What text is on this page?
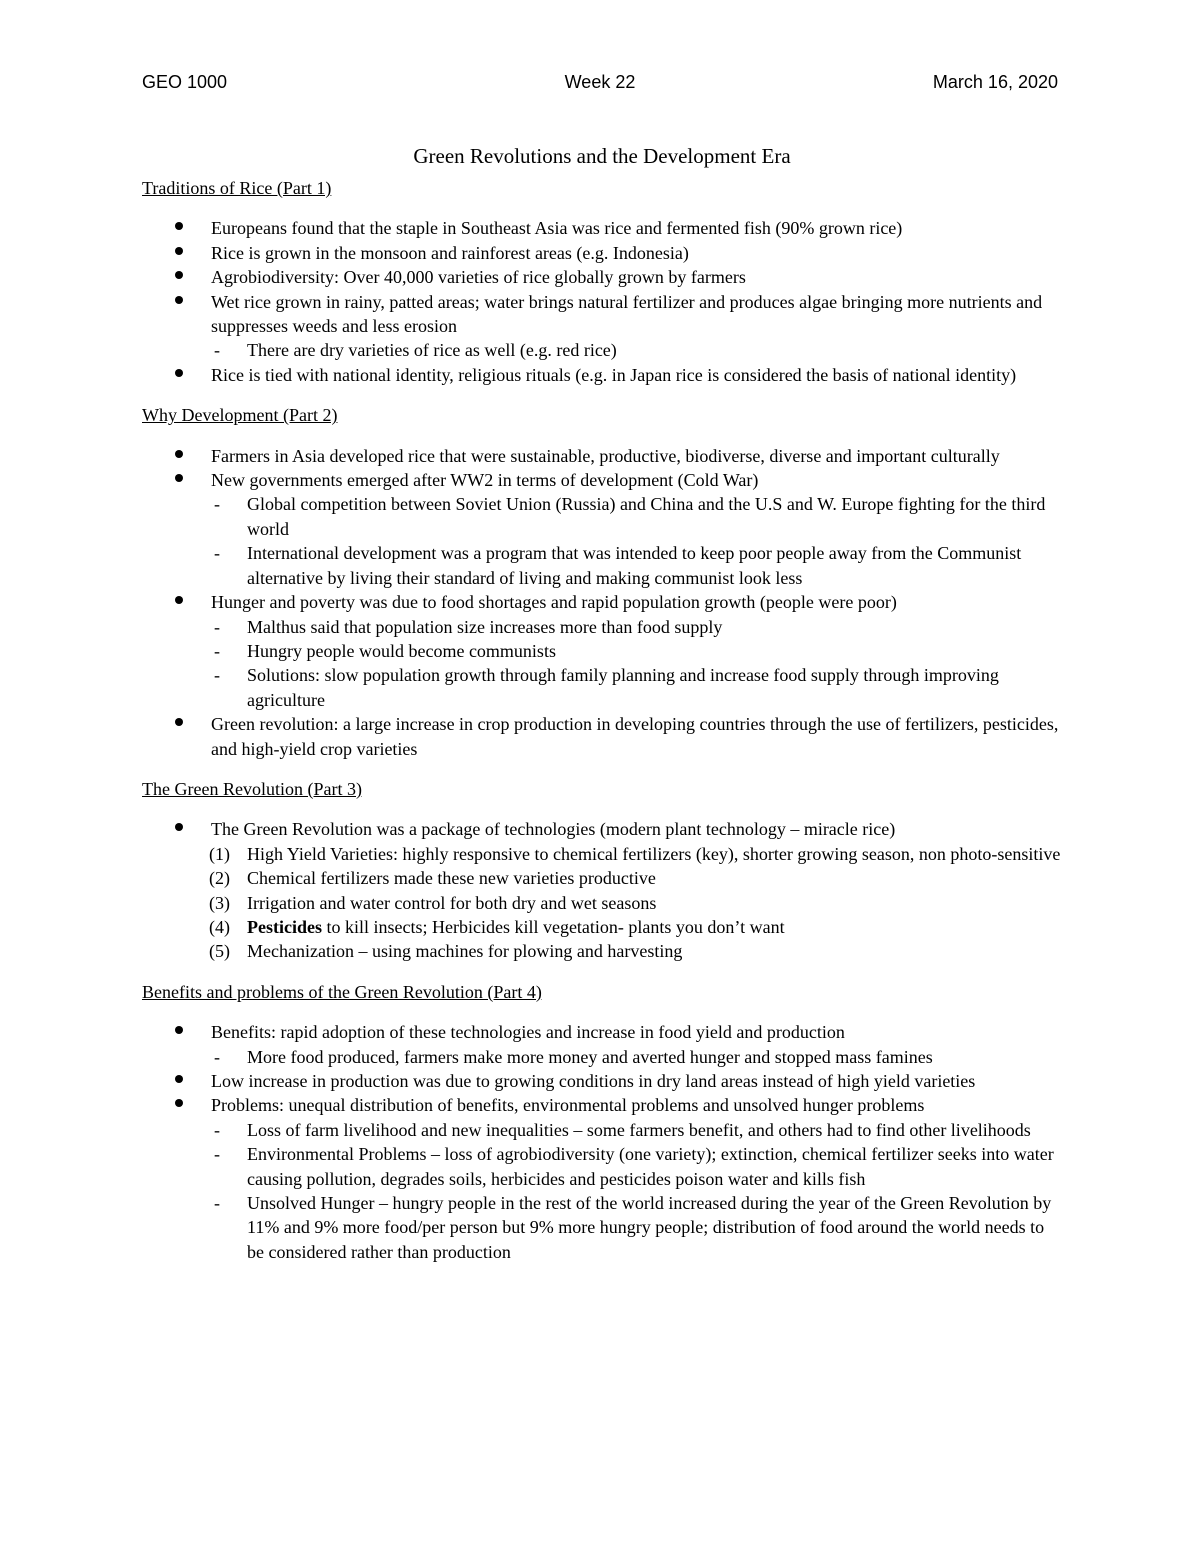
GEO 1000	Week 22	March 16, 2020
Green Revolutions and the Development Era
Traditions of Rice (Part 1)
Europeans found that the staple in Southeast Asia was rice and fermented fish (90% grown rice)
Rice is grown in the monsoon and rainforest areas (e.g. Indonesia)
Agrobiodiversity: Over 40,000 varieties of rice globally grown by farmers
Wet rice grown in rainy, patted areas; water brings natural fertilizer and produces algae bringing more nutrients and suppresses weeds and less erosion
- There are dry varieties of rice as well (e.g. red rice)
Rice is tied with national identity, religious rituals (e.g. in Japan rice is considered the basis of national identity)
Why Development (Part 2)
Farmers in Asia developed rice that were sustainable, productive, biodiverse, diverse and important culturally
New governments emerged after WW2 in terms of development (Cold War)
- Global competition between Soviet Union (Russia) and China and the U.S and W. Europe fighting for the third world
- International development was a program that was intended to keep poor people away from the Communist alternative by living their standard of living and making communist look less
Hunger and poverty was due to food shortages and rapid population growth (people were poor)
- Malthus said that population size increases more than food supply
- Hungry people would become communists
- Solutions: slow population growth through family planning and increase food supply through improving agriculture
Green revolution: a large increase in crop production in developing countries through the use of fertilizers, pesticides, and high-yield crop varieties
The Green Revolution (Part 3)
The Green Revolution was a package of technologies (modern plant technology – miracle rice)
(1) High Yield Varieties: highly responsive to chemical fertilizers (key), shorter growing season, non photo-sensitive
(2) Chemical fertilizers made these new varieties productive
(3) Irrigation and water control for both dry and wet seasons
(4) Pesticides to kill insects; Herbicides kill vegetation- plants you don’t want
(5) Mechanization – using machines for plowing and harvesting
Benefits and problems of the Green Revolution (Part 4)
Benefits: rapid adoption of these technologies and increase in food yield and production
- More food produced, farmers make more money and averted hunger and stopped mass famines
Low increase in production was due to growing conditions in dry land areas instead of high yield varieties
Problems: unequal distribution of benefits, environmental problems and unsolved hunger problems
- Loss of farm livelihood and new inequalities – some farmers benefit, and others had to find other livelihoods
- Environmental Problems – loss of agrobiodiversity (one variety); extinction, chemical fertilizer seeks into water causing pollution, degrades soils, herbicides and pesticides poison water and kills fish
- Unsolved Hunger – hungry people in the rest of the world increased during the year of the Green Revolution by 11% and 9% more food/per person but 9% more hungry people; distribution of food around the world needs to be considered rather than production
